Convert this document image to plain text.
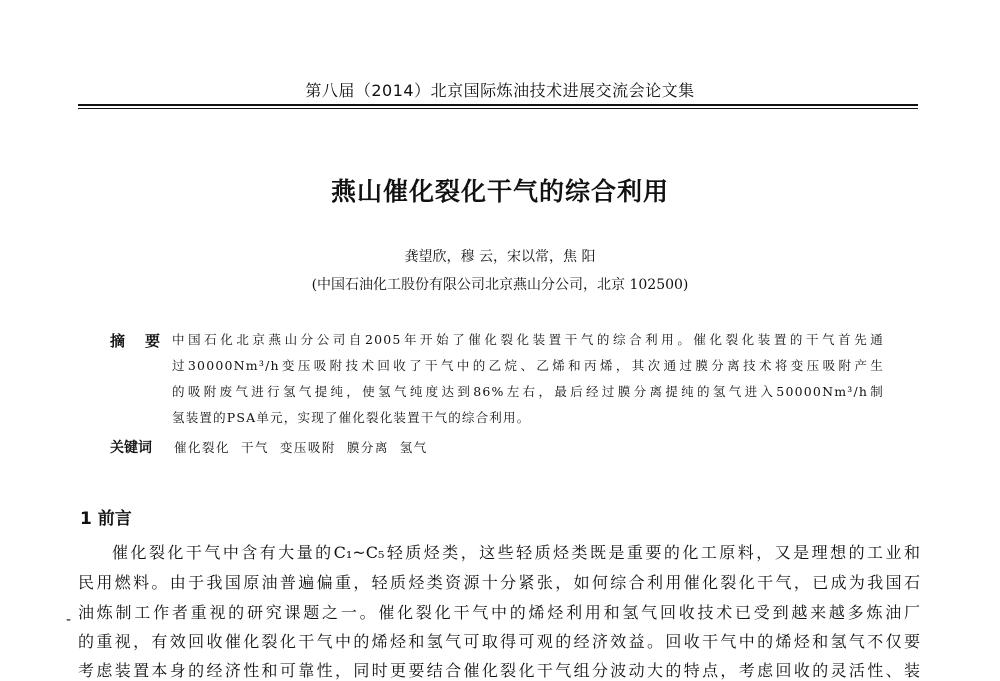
第八届（2014）北京国际炼油技术进展交流会论文集
燕山催化裂化干气的综合利用
龚望欣，穆 云，宋以常，焦 阳
(中国石油化工股份有限公司北京燕山分公司，北京 102500)
摘要
中国石化北京燕山分公司自2005年开始了催化裂化装置干气的综合利用。催化裂化装置的干气首先通
过30000Nm³/h变压吸附技术回收了干气中的乙烷、乙烯和丙烯，其次通过膜分离技术将变压吸附产生
的吸附废气进行氢气提纯，使氢气纯度达到86%左右，最后经过膜分离提纯的氢气进入50000Nm³/h制
氢装置的PSA单元，实现了催化裂化装置干气的综合利用。
关键词 催化裂化  干气  变压吸附  膜分离  氢气
1 前言
催化裂化干气中含有大量的C₁~C₅轻质烃类，这些轻质烃类既是重要的化工原料，又是理想的工业和
民用燃料。由于我国原油普遍偏重，轻质烃类资源十分紧张，如何综合利用催化裂化干气，已成为我国石
- 油炼制工作者重视的研究课题之一。催化裂化干气中的烯烃利用和氢气回收技术已受到越来越多炼油厂
的重视，有效回收催化裂化干气中的烯烃和氢气可取得可观的经济效益。回收干气中的烯烃和氢气不仅要
考虑装置本身的经济性和可靠性，同时更要结合催化裂化干气组分波动大的特点，考虑回收的灵活性、装
